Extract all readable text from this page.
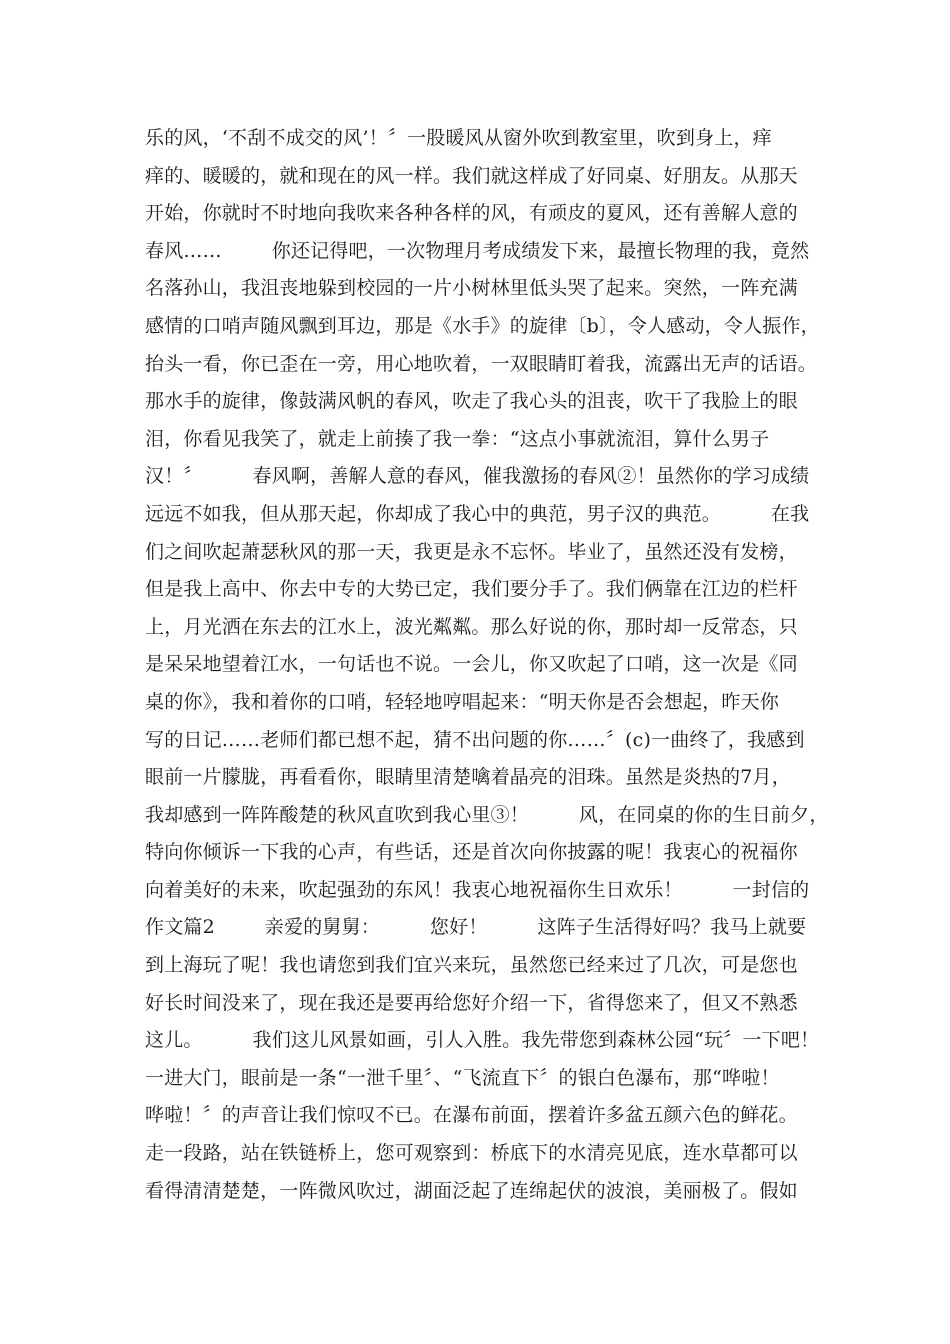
乐的风，‘不刮不成交的风’！〞一股暖风从窗外吹到教室里，吹到身上，痒
痒的、暖暖的，就和现在的风一样。我们就这样成了好同桌、好朋友。从那天
开始，你就时不时地向我吹来各种各样的风，有顽皮的夏风，还有善解人意的
春风……        你还记得吧，一次物理月考成绩发下来，最擅长物理的我，竟然
名落孙山，我沮丧地躲到校园的一片小树林里低头哭了起来。突然，一阵充满
感情的口哨声随风飘到耳边，那是《水手》的旋律〔b〕，令人感动，令人振作，
抬头一看，你已歪在一旁，用心地吹着，一双眼睛盯着我，流露出无声的话语。
那水手的旋律，像鼓满风帆的春风，吹走了我心头的沮丧，吹干了我脸上的眼
泪，你看见我笑了，就走上前揍了我一拳：“这点小事就流泪，算什么男子
汉！〞        春风啊，善解人意的春风，催我激扬的春风②！虽然你的学习成绩
远远不如我，但从那天起，你却成了我心中的典范，男子汉的典范。        在我
们之间吹起萧瑟秋风的那一天，我更是永不忘怀。毕业了，虽然还没有发榜，
但是我上高中、你去中专的大势已定，我们要分手了。我们俩靠在江边的栏杆
上，月光洒在东去的江水上，波光粼粼。那么好说的你，那时却一反常态，只
是呆呆地望着江水，一句话也不说。一会儿，你又吹起了口哨，这一次是《同
桌的你》，我和着你的口哨，轻轻地哼唱起来：“明天你是否会想起，昨天你
写的日记……老师们都已想不起，猜不出问题的你……〞(c)一曲终了，我感到
眼前一片朦胧，再看看你，眼睛里清楚噙着晶亮的泪珠。虽然是炎热的7月，
我却感到一阵阵酸楚的秋风直吹到我心里③！        风，在同桌的你的生日前夕，
特向你倾诉一下我的心声，有些话，还是首次向你披露的呢！我衷心的祝福你
向着美好的未来，吹起强劲的东风！我衷心地祝福你生日欢乐！        一封信的
作文篇2        亲爱的舅舅：        您好！        这阵子生活得好吗？我马上就要
到上海玩了呢！我也请您到我们宜兴来玩，虽然您已经来过了几次，可是您也
好长时间没来了，现在我还是要再给您好介绍一下，省得您来了，但又不熟悉
这儿。        我们这儿风景如画，引人入胜。我先带您到森林公园“玩〞一下吧！
一进大门，眼前是一条“一泄千里〞、“飞流直下〞的银白色瀑布，那“哗啦！
哗啦！〞的声音让我们惊叹不已。在瀑布前面，摆着许多盆五颜六色的鲜花。
走一段路，站在铁链桥上，您可观察到：桥底下的水清亮见底，连水草都可以
看得清清楚楚，一阵微风吹过，湖面泛起了连绵起伏的波浪，美丽极了。假如
